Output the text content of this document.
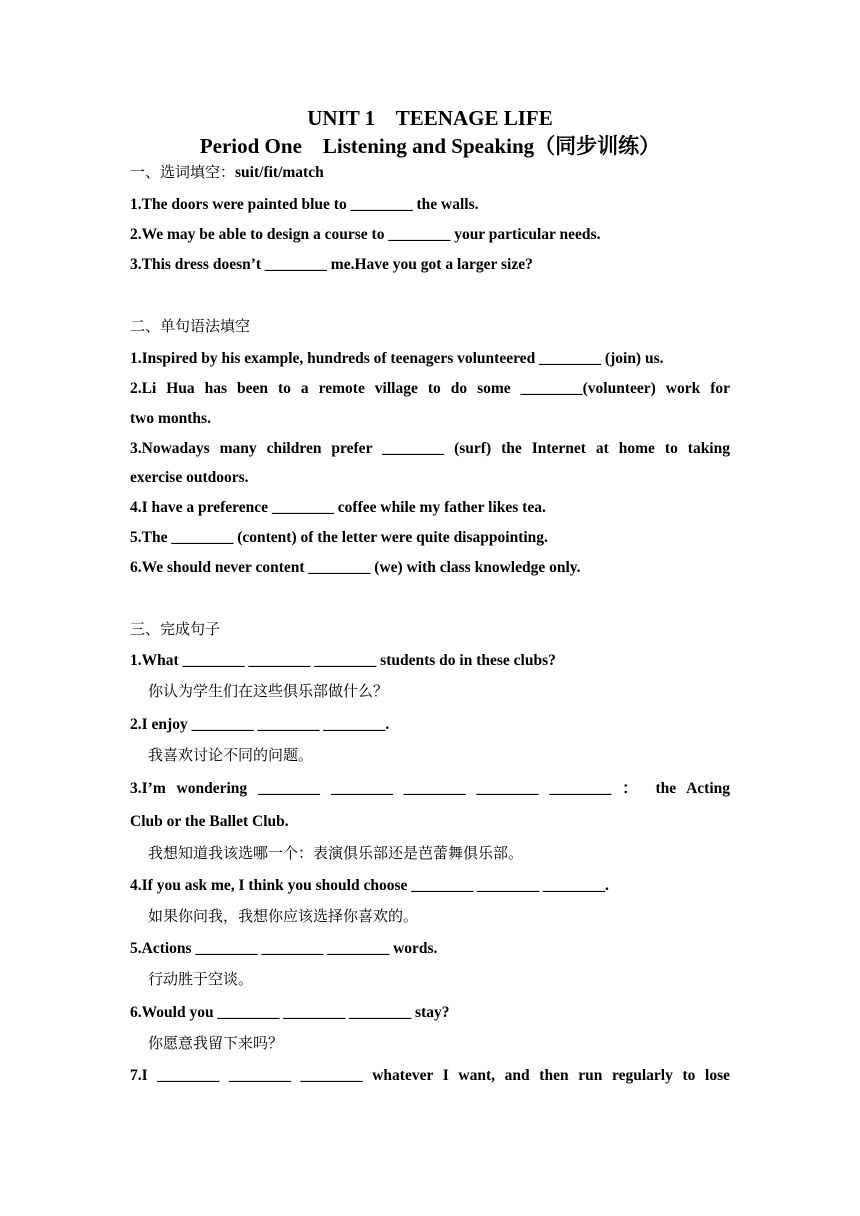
UNIT 1    TEENAGE LIFE
Period One    Listening and Speaking（同步训练）
一、选词填空：suit/fit/match
1.The doors were painted blue to ________ the walls.
2.We may be able to design a course to ________ your particular needs.
3.This dress doesn’t ________ me.Have you got a larger size?
二、单句语法填空
1.Inspired by his example, hundreds of teenagers volunteered ________ (join) us.
2.Li Hua has been to a remote village to do some ________(volunteer) work for
two months.
3.Nowadays many children prefer ________ (surf) the Internet at home to taking
exercise outdoors.
4.I have a preference ________ coffee while my father likes tea.
5.The ________ (content) of the letter were quite disappointing.
6.We should never content ________ (we) with class knowledge only.
三、完成句子
1.What ________ ________ ________ students do in these clubs?
你认为学生们在这些俱乐部做什么？
2.I enjoy ________ ________ ________.
我喜欢讨论不同的问题。
3.I’m wondering ________ ________ ________ ________ ________ ： the Acting
Club or the Ballet Club.
我想知道我该选哪一个：表演俱乐部还是芭蕾舞俱乐部。
4.If you ask me, I think you should choose ________ ________ ________.
如果你问我，我想你应该选择你喜欢的。
5.Actions ________ ________ ________ words.
行动胜于空谈。
6.Would you ________ ________ ________ stay?
你愿意我留下来吗？
7.I ________ ________ ________ whatever I want, and then run regularly to lose
